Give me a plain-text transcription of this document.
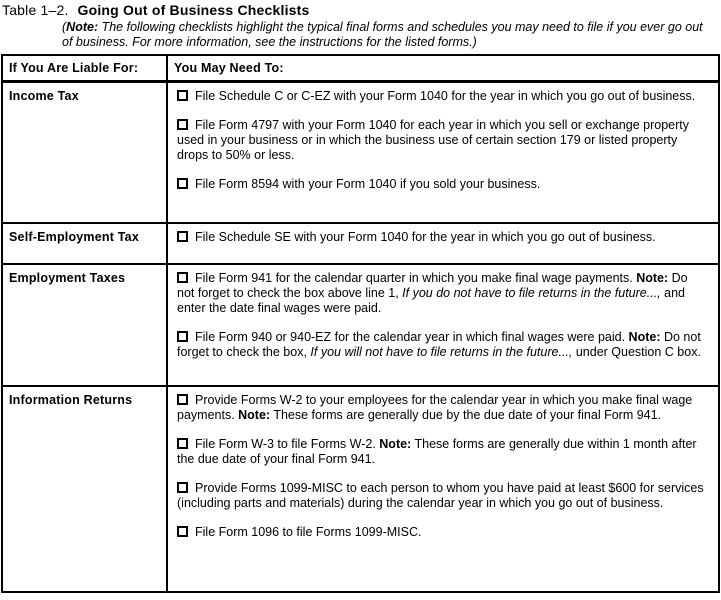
Table 1–2. Going Out of Business Checklists
(Note: The following checklists highlight the typical final forms and schedules you may need to file if you ever go out of business. For more information, see the instructions for the listed forms.)
If You Are Liable For:	You May Need To:
Income Tax	File Schedule C or C-EZ with your Form 1040 for the year in which you go out of business.

File Form 4797 with your Form 1040 for each year in which you sell or exchange property used in your business or in which the business use of certain section 179 or listed property drops to 50% or less.

File Form 8594 with your Form 1040 if you sold your business.

Self-Employment Tax	File Schedule SE with your Form 1040 for the year in which you go out of business.

Employment Taxes	File Form 941 for the calendar quarter in which you make final wage payments. Note: Do not forget to check the box above line 1, If you do not have to file returns in the future..., and enter the date final wages were paid.

File Form 940 or 940-EZ for the calendar year in which final wages were paid. Note: Do not forget to check the box, If you will not have to file returns in the future..., under Question C box.

Information Returns	Provide Forms W-2 to your employees for the calendar year in which you make final wage payments. Note: These forms are generally due by the due date of your final Form 941.

File Form W-3 to file Forms W-2. Note: These forms are generally due within 1 month after the due date of your final Form 941.

Provide Forms 1099-MISC to each person to whom you have paid at least $600 for services (including parts and materials) during the calendar year in which you go out of business.

File Form 1096 to file Forms 1099-MISC.
